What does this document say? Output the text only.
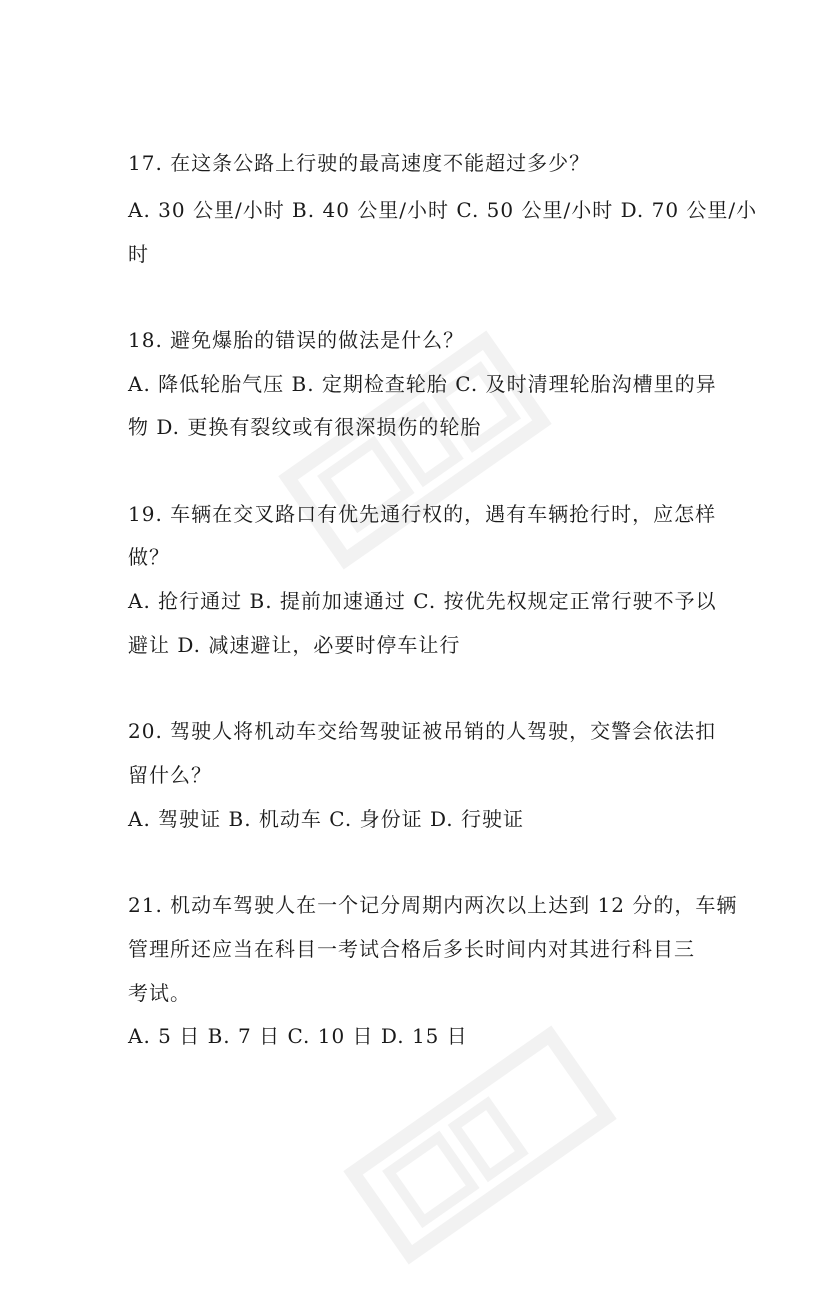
17. 在这条公路上行驶的最高速度不能超过多少？
A. 30 公里/小时 B. 40 公里/小时 C. 50 公里/小时 D. 70 公里/小
时
18. 避免爆胎的错误的做法是什么？
A. 降低轮胎气压 B. 定期检查轮胎 C. 及时清理轮胎沟槽里的异
物 D. 更换有裂纹或有很深损伤的轮胎
19. 车辆在交叉路口有优先通行权的，遇有车辆抢行时，应怎样
做？
A. 抢行通过 B. 提前加速通过 C. 按优先权规定正常行驶不予以
避让 D. 减速避让，必要时停车让行
20. 驾驶人将机动车交给驾驶证被吊销的人驾驶，交警会依法扣
留什么？
A. 驾驶证 B. 机动车 C. 身份证 D. 行驶证
21. 机动车驾驶人在一个记分周期内两次以上达到 12 分的，车辆
管理所还应当在科目一考试合格后多长时间内对其进行科目三
考试。
A. 5 日 B. 7 日 C. 10 日 D. 15 日
